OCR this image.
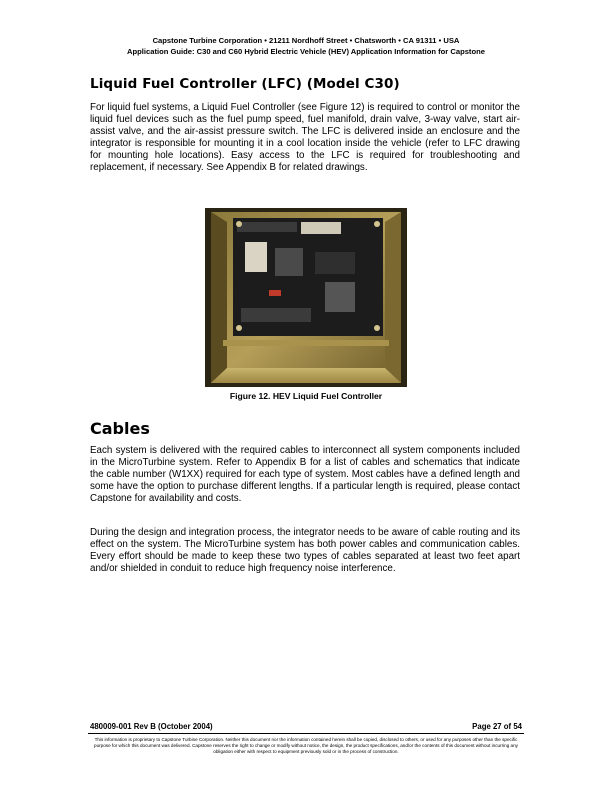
Capstone Turbine Corporation • 21211 Nordhoff Street • Chatsworth • CA 91311 • USA
Application Guide: C30 and C60 Hybrid Electric Vehicle (HEV) Application Information for Capstone
Liquid Fuel Controller (LFC) (Model C30)
For liquid fuel systems, a Liquid Fuel Controller (see Figure 12) is required to control or monitor the liquid fuel devices such as the fuel pump speed, fuel manifold, drain valve, 3-way valve, start air-assist valve, and the air-assist pressure switch. The LFC is delivered inside an enclosure and the integrator is responsible for mounting it in a cool location inside the vehicle (refer to LFC drawing for mounting hole locations). Easy access to the LFC is required for troubleshooting and replacement, if necessary. See Appendix B for related drawings.
Figure 12. HEV Liquid Fuel Controller
Cables
Each system is delivered with the required cables to interconnect all system components included in the MicroTurbine system. Refer to Appendix B for a list of cables and schematics that indicate the cable number (W1XX) required for each type of system. Most cables have a defined length and some have the option to purchase different lengths. If a particular length is required, please contact Capstone for availability and costs.
During the design and integration process, the integrator needs to be aware of cable routing and its effect on the system. The MicroTurbine system has both power cables and communication cables. Every effort should be made to keep these two types of cables separated at least two feet apart and/or shielded in conduit to reduce high frequency noise interference.
480009-001 Rev B (October 2004)	Page 27 of 54
This information is proprietary to Capstone Turbine Corporation. Neither this document nor the information contained herein shall be copied, disclosed to others, or used for any purposes other than the specific purpose for which this document was delivered. Capstone reserves the right to change or modify without notice, the design, the product specifications, and/or the contents of this document without incurring any obligation either with respect to equipment previously sold or in the process of construction.
